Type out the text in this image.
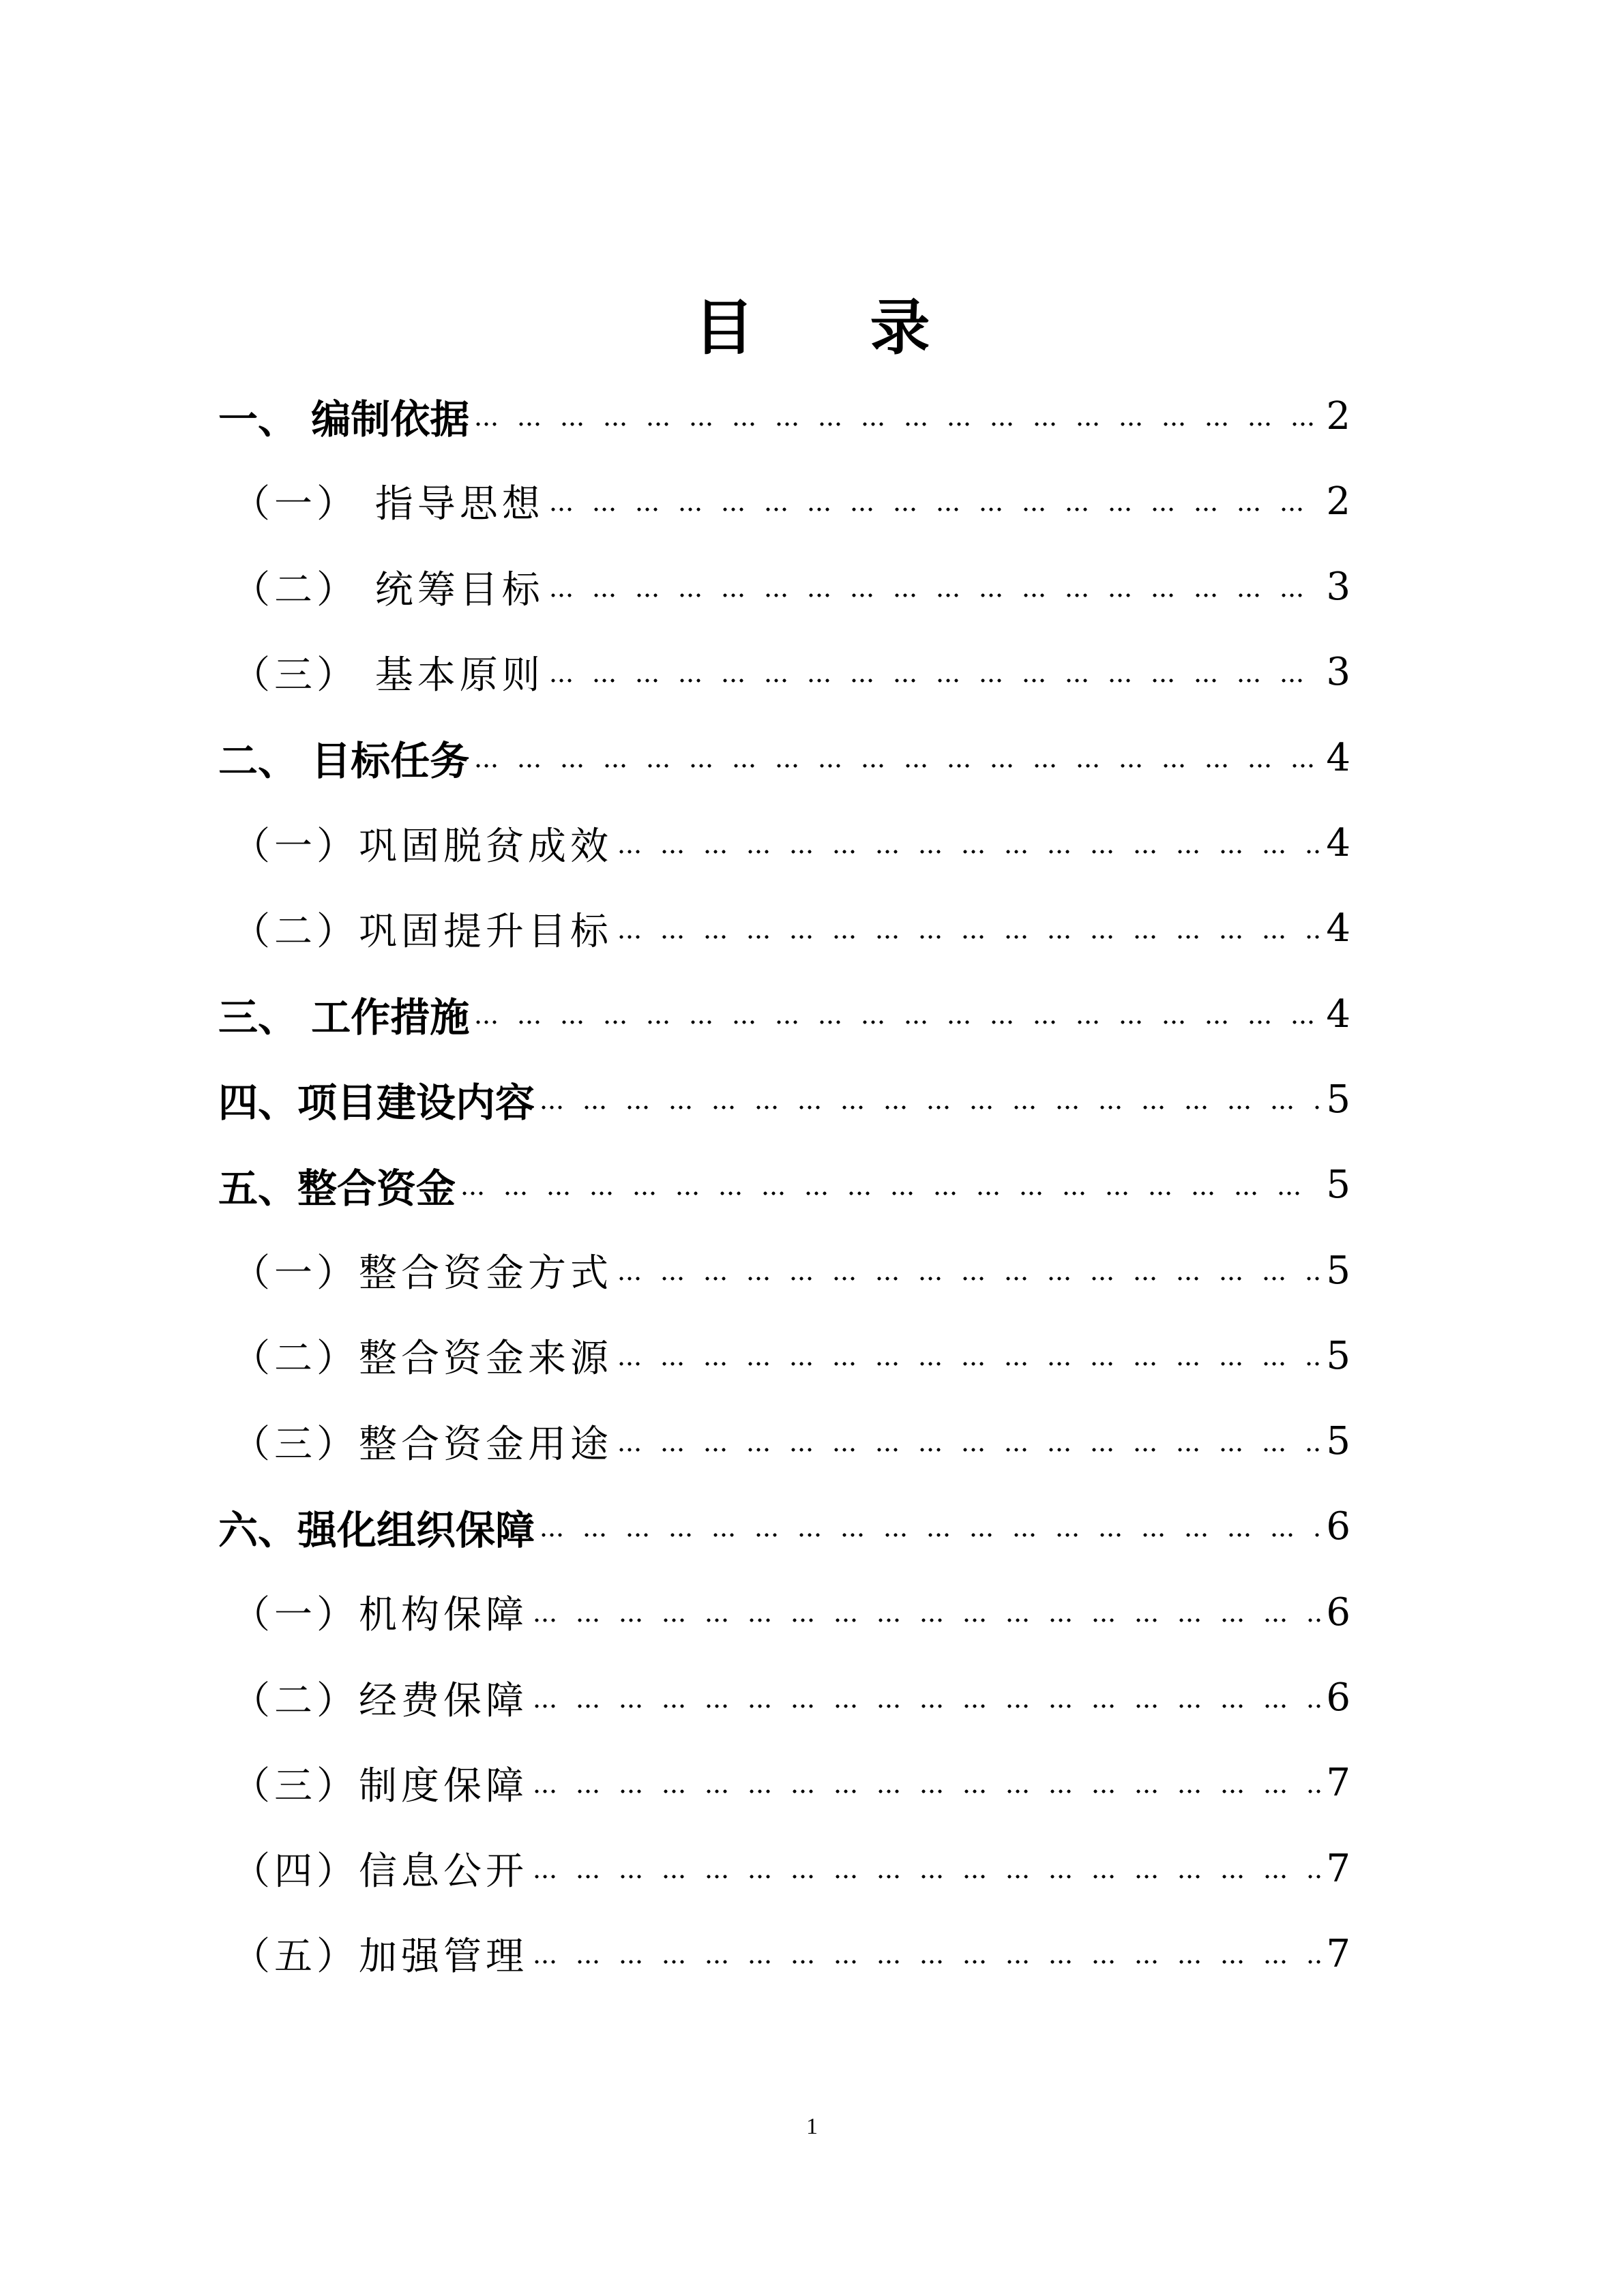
目 录
一、 编制依据	2
（一） 指导思想	2
（二） 统筹目标	3
（三） 基本原则	3
二、 目标任务	4
（一）巩固脱贫成效	4
（二）巩固提升目标	4
三、 工作措施	4
四、项目建设内容	5
五、整合资金	5
（一）整合资金方式	5
（二）整合资金来源	5
（三）整合资金用途	5
六、强化组织保障	6
（一）机构保障	6
（二）经费保障	6
（三）制度保障	7
（四）信息公开	7
（五）加强管理	7
1
